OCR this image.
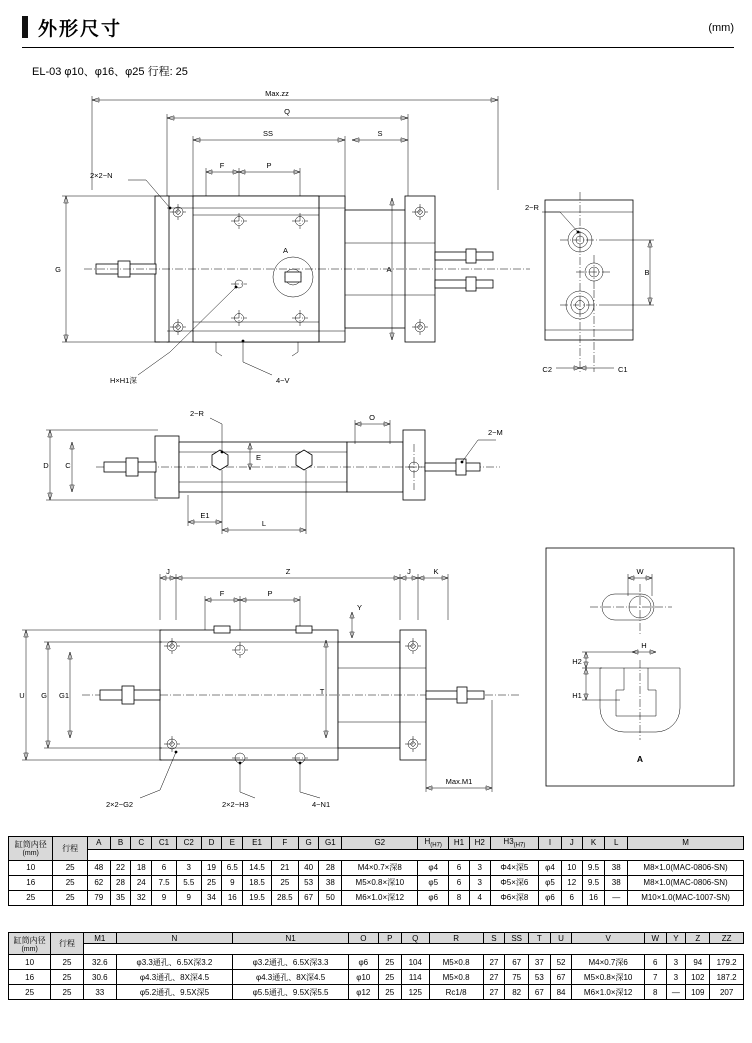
外形尺寸	(mm)
EL-03 φ10、φ16、φ25 行程: 25
Max.zz
Q
SS	S
F	P
A
G	A
2×2−N
H×H1深	4−V
B
2−R
C2	C1
D C
E
E1
L
O
2−R
2−M
J	Z	J	K
F	P
U G G1	T
Y
Max.M1
2×2−G2	2×2−H3	4−N1
W
H
H2
H1
A
缸筒内径
(mm)	行程	A	B	C	C1	C2	D	E	E1	F	G	G1	G2	$H_{(H7)}$	H1	H2	$H3_{(H7)}$	I	J	K	L	M

10	25	48	22	18	6	3	19	6.5	14.5	21	40	28	M4×0.7×深8	φ4	6	3	Φ4×深5	φ4	10	9.5	38	M8×1.0(MAC-0806-SN)
16	25	62	28	24	7.5	5.5	25	9	18.5	25	53	38	M5×0.8×深10	φ5	6	3	Φ5×深6	φ5	12	9.5	38	M8×1.0(MAC-0806-SN)
25	25	79	35	32	9	9	34	16	19.5	28.5	67	50	M6×1.0×深12	φ6	8	4	Φ6×深8	φ6	6	16	—	M10×1.0(MAC-1007-SN)
缸筒内径
(mm)	行程	M1	N	N1	O	P	Q	R	S	SS	T	U	V	W	Y	Z	ZZ

10	25	32.6	φ3.3通孔、6.5X深3.2	φ3.2通孔、6.5X深3.3	φ6	25	104	M5×0.8	27	67	37	52	M4×0.7深6	6	3	94	179.2
16	25	30.6	φ4.3通孔、8X深4.5	φ4.3通孔、8X深4.5	φ10	25	114	M5×0.8	27	75	53	67	M5×0.8×深10	7	3	102	187.2
25	25	33	φ5.2通孔、9.5X深5	φ5.5通孔、9.5X深5.5	φ12	25	125	Rc1/8	27	82	67	84	M6×1.0×深12	8	—	109	207
